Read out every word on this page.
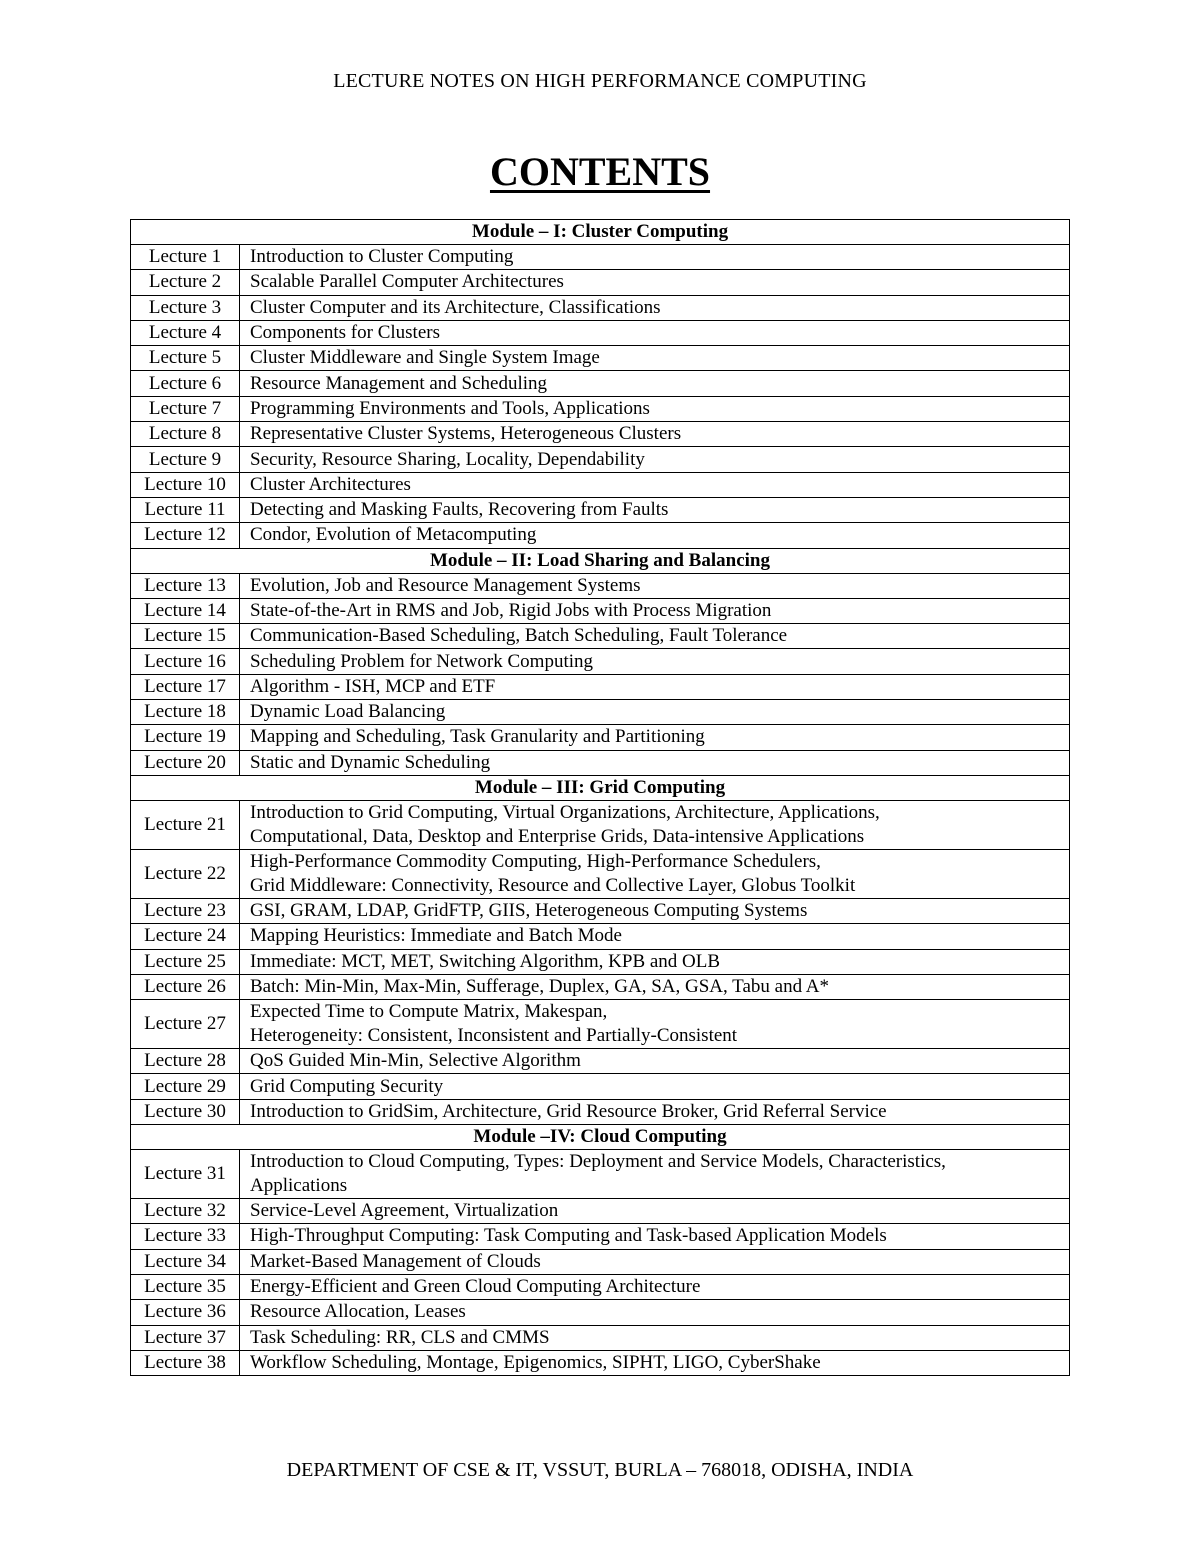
LECTURE NOTES ON HIGH PERFORMANCE COMPUTING
CONTENTS
Module – I: Cluster Computing	
Lecture 1	Introduction to Cluster Computing

Lecture 2	Scalable Parallel Computer Architectures

Lecture 3	Cluster Computer and its Architecture, Classifications

Lecture 4	Components for Clusters

Lecture 5	Cluster Middleware and Single System Image

Lecture 6	Resource Management and Scheduling

Lecture 7	Programming Environments and Tools, Applications

Lecture 8	Representative Cluster Systems, Heterogeneous Clusters

Lecture 9	Security, Resource Sharing, Locality, Dependability

Lecture 10	Cluster Architectures

Lecture 11	Detecting and Masking Faults, Recovering from Faults

Lecture 12	Condor, Evolution of Metacomputing

Module – II: Load Sharing and Balancing	
Lecture 13	Evolution, Job and Resource Management Systems

Lecture 14	State-of-the-Art in RMS and Job, Rigid Jobs with Process Migration

Lecture 15	Communication-Based Scheduling, Batch Scheduling, Fault Tolerance

Lecture 16	Scheduling Problem for Network Computing

Lecture 17	Algorithm - ISH, MCP and ETF

Lecture 18	Dynamic Load Balancing

Lecture 19	Mapping and Scheduling, Task Granularity and Partitioning

Lecture 20	Static and Dynamic Scheduling

Module – III: Grid Computing	
Lecture 21	Introduction to Grid Computing, Virtual Organizations, Architecture, Applications,
Computational, Data, Desktop and Enterprise Grids, Data-intensive Applications

Lecture 22	High-Performance Commodity Computing, High-Performance Schedulers,
Grid Middleware: Connectivity, Resource and Collective Layer, Globus Toolkit

Lecture 23	GSI, GRAM, LDAP, GridFTP, GIIS, Heterogeneous Computing Systems

Lecture 24	Mapping Heuristics: Immediate and Batch Mode

Lecture 25	Immediate: MCT, MET, Switching Algorithm, KPB and OLB

Lecture 26	Batch: Min-Min, Max-Min, Sufferage, Duplex, GA, SA, GSA, Tabu and A*

Lecture 27	Expected Time to Compute Matrix, Makespan,
Heterogeneity: Consistent, Inconsistent and Partially-Consistent

Lecture 28	QoS Guided Min-Min, Selective Algorithm

Lecture 29	Grid Computing Security

Lecture 30	Introduction to GridSim, Architecture, Grid Resource Broker, Grid Referral Service

Module –IV: Cloud Computing	
Lecture 31	Introduction to Cloud Computing, Types: Deployment and Service Models, Characteristics,
Applications

Lecture 32	Service-Level Agreement, Virtualization

Lecture 33	High-Throughput Computing: Task Computing and Task-based Application Models

Lecture 34	Market-Based Management of Clouds

Lecture 35	Energy-Efficient and Green Cloud Computing Architecture

Lecture 36	Resource Allocation, Leases

Lecture 37	Task Scheduling: RR, CLS and CMMS

Lecture 38	Workflow Scheduling, Montage, Epigenomics, SIPHT, LIGO, CyberShake
DEPARTMENT OF CSE & IT, VSSUT, BURLA – 768018, ODISHA, INDIA
